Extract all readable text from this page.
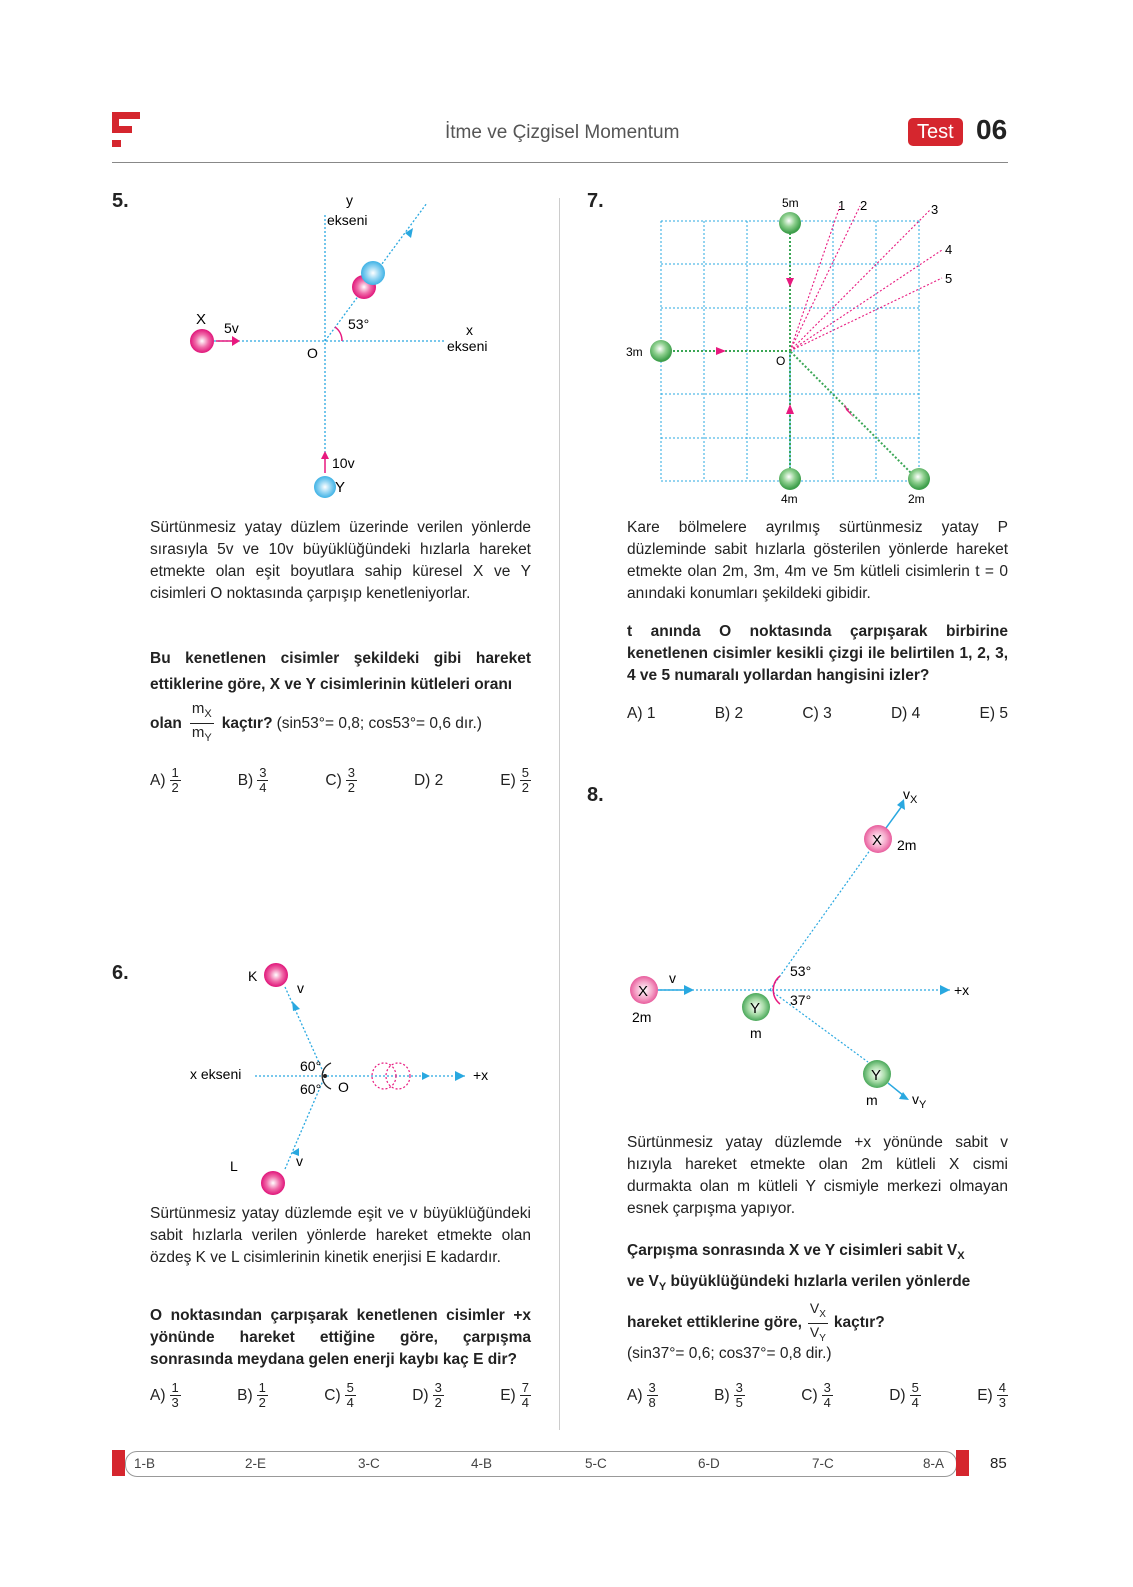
İtme ve Çizgisel Momentum	Test 06
5.	y
ekseni
x
ekseni
O
53°
X 5v
10v
Y
Sürtünmesiz yatay düzlem üzerinde verilen yönlerde sırasıyla 5v ve 10v büyüklüğündeki hızlarla hareket etmekte olan eşit boyutlara sahip küresel X ve Y cisimleri O noktasında çarpışıp kenetleniyorlar.
Bu kenetlenen cisimler şekildeki gibi hareket ettiklerine göre, X ve Y cisimlerinin kütleleri oranı
olan $\frac{m_X}{m_Y}$ kaçtır? (sin53°= 0,8; cos53°= 0,6 dır.)
$A) \frac{1}{2}$	$B) \frac{3}{4}$	$C) \frac{3}{2}$	D)
2	$E) \frac{5}{2}$
6.	K
L
v
v
x ekseni	60°
60° O
+x
Sürtünmesiz yatay düzlemde eşit ve v büyüklüğündeki sabit hızlarla verilen yönlerde hareket etmekte olan özdeş K ve L cisimlerinin kinetik enerjisi E kadardır.
O noktasından çarpışarak kenetlenen cisimler +x yönünde hareket ettiğine göre, çarpışma sonrasında meydana gelen enerji kaybı kaç E dir?
$A) \frac{1}{3}$	$B) \frac{1}{2}$	$C) \frac{5}{4}$	$D) \frac{3}{2}$	$E) \frac{7}{4}$
7.	5m
3m
4m	2m
O
1 2	3
4
5
Kare bölmelere ayrılmış sürtünmesiz yatay P düzleminde sabit hızlarla gösterilen yönlerde hareket etmekte olan 2m, 3m, 4m ve 5m kütleli cisimlerin t = 0 anındaki konumları şekildeki gibidir.
t anında O noktasında çarpışarak birbirine kenetlenen cisimler kesikli çizgi ile belirtilen 1, 2, 3, 4 ve 5 numaralı yollardan hangisini izler?
A)
1	B)
2	C)
3	D)
4	E)
5
8.	$v_X$
X 2m
X
v
2m	Y
m
53°
37°
+x
Y
m $v_Y$
Sürtünmesiz yatay düzlemde +x yönünde sabit v hızıyla hareket etmekte olan 2m kütleli X cismi durmakta olan m kütleli Y cismiyle merkezi olmayan esnek çarpışma yapıyor.
Çarpışma sonrasında X ve Y cisimleri sabit $V_X$
ve $V_Y$ büyüklüğündeki hızlarla verilen yönlerde
hareket ettiklerine göre, $\frac{V_X}{V_Y}$ kaçtır?
(sin37°= 0,6; cos37°= 0,8 dir.)
$A) \frac{3}{8}$	$B) \frac{3}{5}$	$C) \frac{3}{4}$	$D) \frac{5}{4}$	$E) \frac{4}{3}$
1-B	2-E	3-C	4-B	5-C	6-D	7-C	8-A	85
